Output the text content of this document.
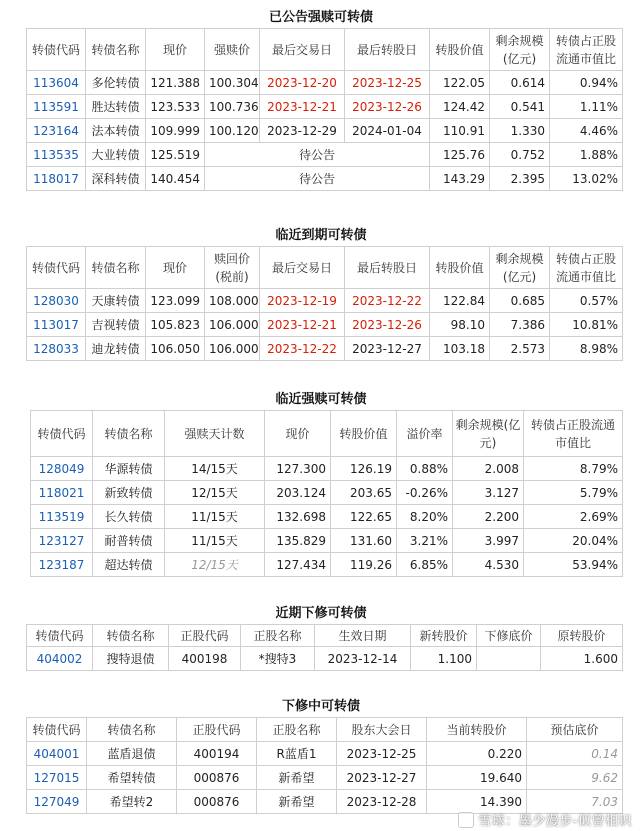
已公告强赎可转债
转债代码	转债名称	现价	强赎价	最后交易日	最后转股日	转股价值	剩余规模(亿元)	转债占正股流通市值比
113604	多伦转债	121.388	100.304	2023-12-20	2023-12-25	122.05	0.614	0.94%
113591	胜达转债	123.533	100.736	2023-12-21	2023-12-26	124.42	0.541	1.11%
123164	法本转债	109.999	100.120	2023-12-29	2024-01-04	110.91	1.330	4.46%
113535	大业转债	125.519	待公告			125.76	0.752	1.88%
118017	深科转债	140.454	待公告			143.29	2.395	13.02%
临近到期可转债
转债代码	转债名称	现价	赎回价(税前)	最后交易日	最后转股日	转股价值	剩余规模(亿元)	转债占正股流通市值比
128030	天康转债	123.099	108.000	2023-12-19	2023-12-22	122.84	0.685	0.57%
113017	吉视转债	105.823	106.000	2023-12-21	2023-12-26	98.10	7.386	10.81%
128033	迪龙转债	106.050	106.000	2023-12-22	2023-12-27	103.18	2.573	8.98%
临近强赎可转债
转债代码	转债名称	强赎天计数	现价	转股价值	溢价率	剩余规模(亿元)	转债占正股流通市值比
128049	华源转债	14/15天	127.300	126.19	0.88%	2.008	8.79%
118021	新致转债	12/15天	203.124	203.65	-0.26%	3.127	5.79%
113519	长久转债	11/15天	132.698	122.65	8.20%	2.200	2.69%
123127	耐普转债	11/15天	135.829	131.60	3.21%	3.997	20.04%
123187	超达转债	12/15天	127.434	119.26	6.85%	4.530	53.94%
近期下修可转债
转债代码	转债名称	正股代码	正股名称	生效日期	新转股价	下修底价	原转股价
404002	搜特退债	400198	*搜特3	2023-12-14	1.100		1.600
下修中可转债
转债代码	转债名称	正股代码	正股名称	股东大会日	当前转股价	预估底价
404001	蓝盾退债	400194	R蓝盾1	2023-12-25	0.220	0.14
127015	希望转债	000876	新希望	2023-12-27	19.640	9.62
127049	希望转2	000876	新希望	2023-12-28	14.390	7.03
雪球：墨少漫步-似曾相识
